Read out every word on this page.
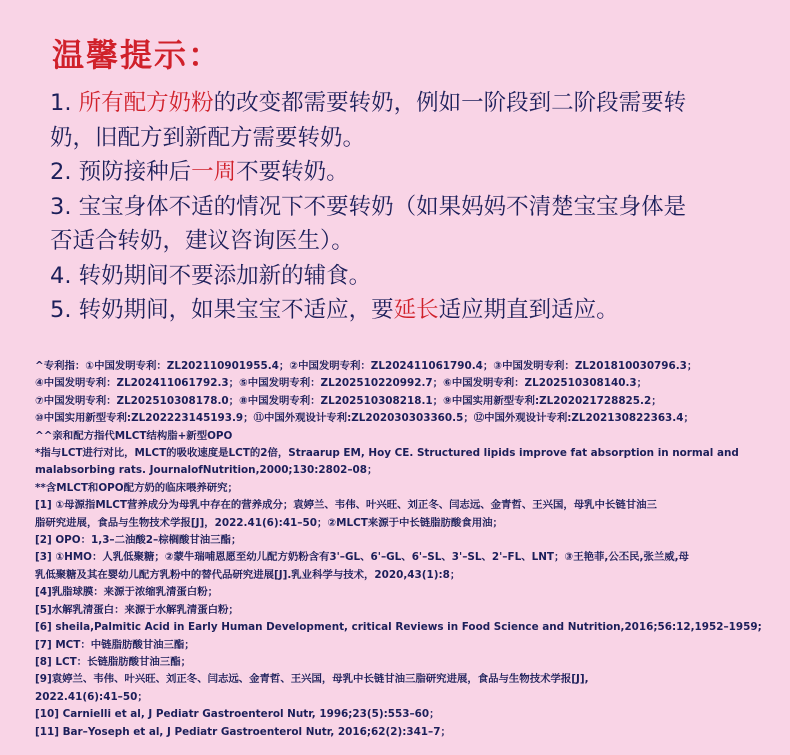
温馨提示：

1. 所有配方奶粉的改变都需要转奶，例如一阶段到二阶段需要转

奶，旧配方到新配方需要转奶。

2. 预防接种后一周不要转奶。

3. 宝宝身体不适的情况下不要转奶（如果妈妈不清楚宝宝身体是

否适合转奶，建议咨询医生）。

4. 转奶期间不要添加新的辅食。

5. 转奶期间，如果宝宝不适应，要延长适应期直到适应。

^专利指：①中国发明专利：ZL202110901955.4；②中国发明专利：ZL202411061790.4；③中国发明专利：ZL201810030796.3；

④中国发明专利：ZL202411061792.3；⑤中国发明专利：ZL202510220992.7；⑥中国发明专利：ZL202510308140.3；

⑦中国发明专利：ZL202510308178.0；⑧中国发明专利：ZL202510308218.1；⑨中国实用新型专利:ZL202021728825.2；

⑩中国实用新型专利:ZL202223145193.9；⑪中国外观设计专利:ZL202030303360.5；⑫中国外观设计专利:ZL202130822363.4；

^^亲和配方指代MLCT结构脂+新型OPO

*指与LCT进行对比，MLCT的吸收速度是LCT的2倍，Straarup EM, Hoy CE. Structured lipids improve fat absorption in normal and

malabsorbing rats. JournalofNutrition,2000;130:2802–08；

**含MLCT和OPO配方奶的临床喂养研究；

[1] ①母源指MLCT营养成分为母乳中存在的营养成分；袁婷兰、韦伟、叶兴旺、刘正冬、闫志远、金青哲、王兴国，母乳中长链甘油三

脂研究进展，食品与生物技术学报[J]，2022.41(6):41–50；②MLCT来源于中长链脂肪酸食用油；

[2] OPO：1,3–二油酸2–棕榈酸甘油三酯；

[3] ①HMO：人乳低聚糖；②蒙牛瑞哺恩愿至幼儿配方奶粉含有3'–GL、6'–GL、6'–SL、3'–SL、2'–FL、LNT；③王艳菲,公丕民,张兰威,母

乳低聚糖及其在婴幼儿配方乳粉中的替代品研究进展[J].乳业科学与技术，2020,43(1):8；

[4]乳脂球膜：来源于浓缩乳清蛋白粉；

[5]水解乳清蛋白：来源于水解乳清蛋白粉；

[6] sheila,Palmitic Acid in Early Human Development, critical Reviews in Food Science and Nutrition,2016;56:12,1952–1959;

[7] MCT：中链脂肪酸甘油三酯；

[8] LCT：长链脂肪酸甘油三酯；

[9]袁婷兰、韦伟、叶兴旺、刘正冬、闫志远、金青哲、王兴国，母乳中长链甘油三脂研究进展，食品与生物技术学报[J],

2022.41(6):41–50；

[10] Carnielli et al, J Pediatr Gastroenterol Nutr, 1996;23(5):553–60；

[11] Bar–Yoseph et al, J Pediatr Gastroenterol Nutr, 2016;62(2):341–7；
